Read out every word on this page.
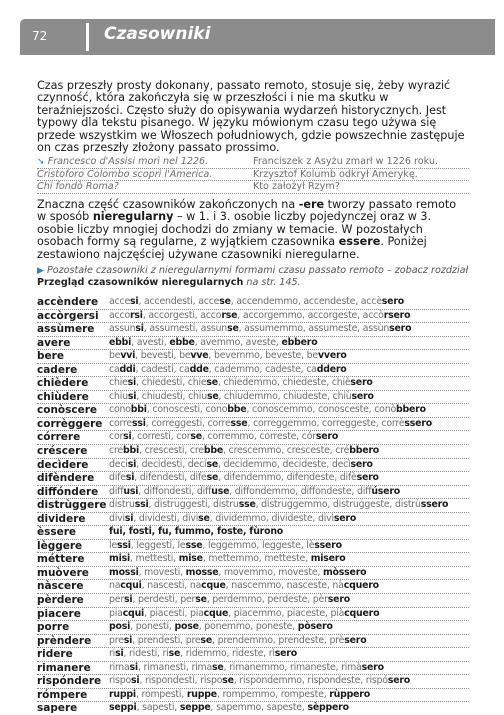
72	Czasowniki
Czas przeszły prosty dokonany, passato remoto, stosuje się, żeby wyrazić czynność, która zakończyła się w przeszłości i nie ma skutku w teraźniejszości. Często służy do opisywania wydarzeń historycznych. Jest typowy dla tekstu pisanego. W języku mówionym czasu tego używa się przede wszystkim we Włoszech południowych, gdzie powszechnie zastępuje on czas przeszły złożony passato prossimo.
➘ Francesco d'Assisi morì nel 1226.	Franciszek z Asyżu zmarł w 1226 roku.
Cristoforo Colombo scoprì l'America.	Krzysztof Kolumb odkrył Amerykę.
Chi fondò Roma?	Kto założył Rzym?
Znaczna część czasowników zakończonych na -ere tworzy passato remoto w sposób nieregularny – w 1. i 3. osobie liczby pojedynczej oraz w 3. osobie liczby mnogiej dochodzi do zmiany w temacie. W pozostałych osobach formy są regularne, z wyjątkiem czasownika essere. Poniżej zestawiono najczęściej używane czasowniki nieregularne.
▶ Pozostałe czasowniki z nieregularnymi formami czasu passato remoto – zobacz rozdział Przegląd czasowników nieregularnych na str. 145.
accèndere	accesi, accendesti, accese, accendemmo, accendeste, accèsero
accòrgersi	accorsi, accorgesti, accorse, accorgemmo, accorgeste, accòrsero
assùmere	assunsi, assumesti, assunse, assumemmo, assumeste, assùnsero
avere	ebbi, avesti, ebbe, avemmo, aveste, ebbero
bere	bevvi, bevesti, bevve, bevemmo, beveste, bevvero
cadere	caddi, cadesti, cadde, cademmo, cadeste, caddero
chièdere	chiesi, chiedesti, chiese, chiedemmo, chiedeste, chièsero
chiùdere	chiusi, chiudesti, chiuse, chiudemmo, chiudeste, chiùsero
conòscere	conobbi, conoscesti, conobbe, conoscemmo, conosceste, conòbbero
corrèggere corressi, correggesti, corresse, correggemmo, correggeste, corrèssero
córrere	corsi, corresti, corse, corremmo, correste, córsero
créscere	crebbi, crescesti, crebbe, crescemmo, cresceste, crébbero
decìdere	decisi, decidesti, decise, decidemmo, decideste, decìsero
difèndere	difesi, difendesti, difese, difendemmo, difendeste, difèsero
diffóndere	diffusi, diffondesti, diffuse, diffondemmo, diffondeste, diffúsero
distrùggere distrussi, distruggesti, distrusse, distruggemmo, distruggeste, distrùssero
dividere	divisi, dividesti, divise, dividemmo, divideste, divìsero
èssere	fui, fosti, fu, fummo, foste, fùrono
lèggere	lessi, leggesti, lesse, leggemmo, leggeste, lèssero
méttere	misi, mettesti, mise, mettemmo, metteste, misero
muòvere	mossi, movesti, mosse, movemmo, moveste, mòssero
nàscere	nacqui, nascesti, nacque, nascemmo, nasceste, nàcquero
pèrdere	persi, perdesti, perse, perdemmo, perdeste, pèrsero
piacere	piacqui, piacesti, piacque, piacemmo, piaceste, piàcquero
porre	posi, ponesti, pose, ponemmo, poneste, pòsero
prèndere	presi, prendesti, prese, prendemmo, prendeste, prèsero
ridere	risi, ridesti, rise, ridemmo, rideste, rìsero
rimanere	rimasi, rimanesti, rimase, rimanemmo, rimaneste, rimàsero
rispóndere risposi, rispondesti, rispose, rispondemmo, rispondeste, rispósero
rómpere	ruppi, rompesti, ruppe, rompemmo, rompeste, rùppero
sapere	seppi, sapesti, seppe, sapemmo, sapeste, sèppero
